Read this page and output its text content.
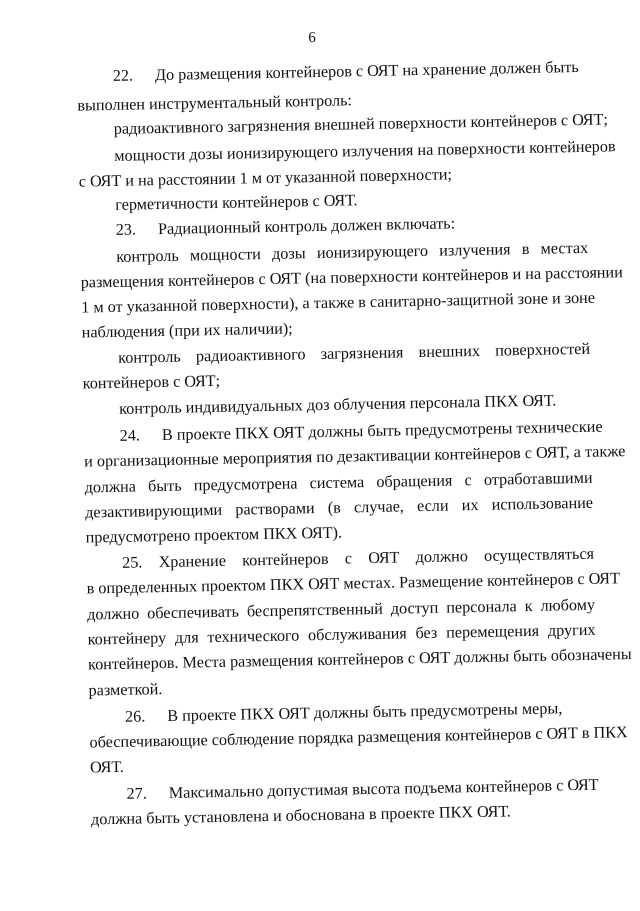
6
22. До размещения контейнеров с ОЯТ на хранение должен быть
выполнен инструментальный контроль:
радиоактивного загрязнения внешней поверхности контейнеров с ОЯТ;
мощности дозы ионизирующего излучения на поверхности контейнеров
с ОЯТ и на расстоянии 1 м от указанной поверхности;
герметичности контейнеров с ОЯТ.
23. Радиационный контроль должен включать:
контроль мощности дозы ионизирующего излучения в местах
размещения контейнеров с ОЯТ (на поверхности контейнеров и на расстоянии
1 м от указанной поверхности), а также в санитарно-защитной зоне и зоне
наблюдения (при их наличии);
контроль радиоактивного загрязнения внешних поверхностей
контейнеров с ОЯТ;
контроль индивидуальных доз облучения персонала ПКХ ОЯТ.
24. В проекте ПКХ ОЯТ должны быть предусмотрены технические
и организационные мероприятия по дезактивации контейнеров с ОЯТ, а также
должна быть предусмотрена система обращения с отработавшими
дезактивирующими растворами (в случае, если их использование
предусмотрено проектом ПКХ ОЯТ).
25. Хранение контейнеров с ОЯТ должно осуществляться
в определенных проектом ПКХ ОЯТ местах. Размещение контейнеров с ОЯТ
должно обеспечивать беспрепятственный доступ персонала к любому
контейнеру для технического обслуживания без перемещения других
контейнеров. Места размещения контейнеров с ОЯТ должны быть обозначены
разметкой.
26. В проекте ПКХ ОЯТ должны быть предусмотрены меры,
обеспечивающие соблюдение порядка размещения контейнеров с ОЯТ в ПКХ
ОЯТ.
27. Максимально допустимая высота подъема контейнеров с ОЯТ
должна быть установлена и обоснована в проекте ПКХ ОЯТ.
